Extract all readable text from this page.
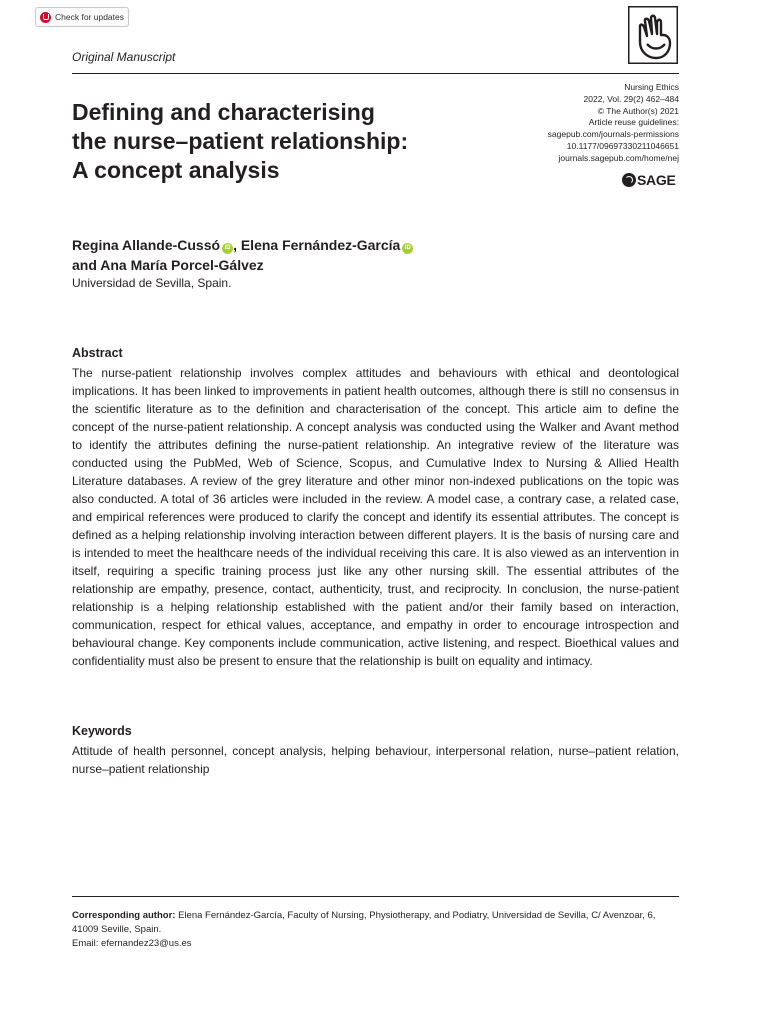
Check for updates
Original Manuscript
Defining and characterising
the nurse–patient relationship:
A concept analysis
Nursing Ethics
2022, Vol. 29(2) 462–484
© The Author(s) 2021
Article reuse guidelines:
sagepub.com/journals-permissions
10.1177/09697330211046651
journals.sagepub.com/home/nej
SAGE
Regina Allande-Cussó iD , Elena Fernández-García iD
and Ana María Porcel-Gálvez
Universidad de Sevilla, Spain.
Abstract
The nurse-patient relationship involves complex attitudes and behaviours with ethical and deontological implications. It has been linked to improvements in patient health outcomes, although there is still no consensus in the scientific literature as to the definition and characterisation of the concept. This article aim to define the concept of the nurse-patient relationship. A concept analysis was conducted using the Walker and Avant method to identify the attributes defining the nurse-patient relationship. An integrative review of the literature was conducted using the PubMed, Web of Science, Scopus, and Cumulative Index to Nursing & Allied Health Literature databases. A review of the grey literature and other minor non-indexed publications on the topic was also conducted. A total of 36 articles were included in the review. A model case, a contrary case, a related case, and empirical references were produced to clarify the concept and identify its essential attributes. The concept is defined as a helping relationship involving interaction between different players. It is the basis of nursing care and is intended to meet the healthcare needs of the individual receiving this care. It is also viewed as an intervention in itself, requiring a specific training process just like any other nursing skill. The essential attributes of the relationship are empathy, presence, contact, authenticity, trust, and reciprocity. In conclusion, the nurse-patient relationship is a helping relationship established with the patient and/or their family based on interaction, communication, respect for ethical values, acceptance, and empathy in order to encourage introspection and behavioural change. Key components include communication, active listening, and respect. Bioethical values and confidentiality must also be present to ensure that the relationship is built on equality and intimacy.
Keywords
Attitude of health personnel, concept analysis, helping behaviour, interpersonal relation, nurse–patient relation, nurse–patient relationship
Corresponding author: Elena Fernández-García, Faculty of Nursing, Physiotherapy, and Podiatry, Universidad de Sevilla, C/ Avenzoar, 6, 41009 Seville, Spain.
Email: efernandez23@us.es
